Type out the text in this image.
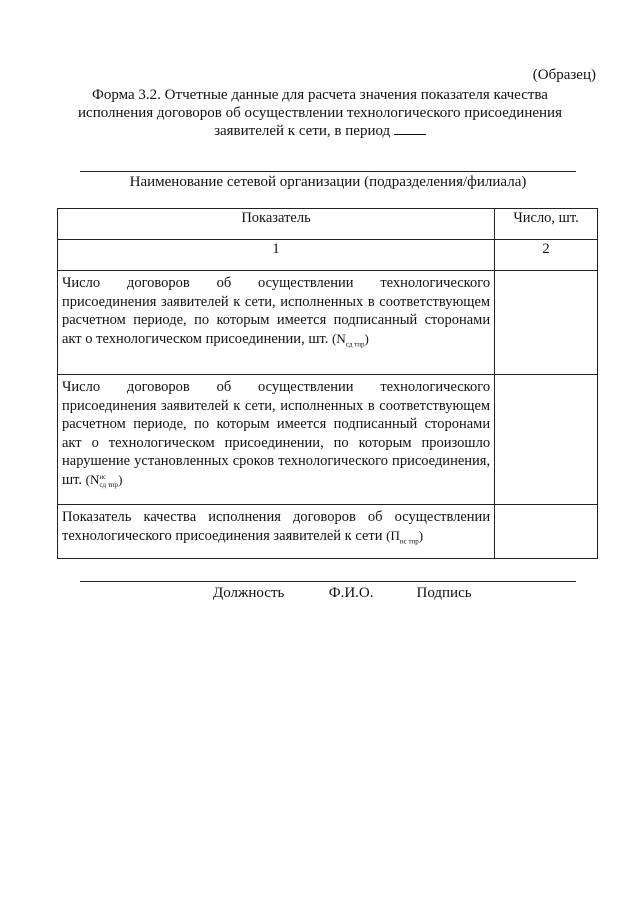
(Образец)
Форма 3.2. Отчетные данные для расчета значения показателя качества
исполнения договоров об осуществлении технологического присоединения
заявителей к сети, в период
Наименование сетевой организации (подразделения/филиала)
Показатель	Число, шт.
1	2
Число договоров об осуществлении технологического присоединения заявителей к сети, исполненных в соответствующем расчетном периоде, по которым имеется подписанный сторонами акт о технологическом присоединении, шт. $(N_{сд тпр})$	
Число договоров об осуществлении технологического присоединения заявителей к сети, исполненных в соответствующем расчетном периоде, по которым имеется подписанный сторонами акт о технологическом присоединении, по которым произошло нарушение установленных сроков технологического присоединения, шт. (N нс
сд тпр )	
Показатель качества исполнения договоров об осуществлении технологического присоединения заявителей к сети $(П_{нс тпр})$	
Должность	Ф.И.О.	Подпись
